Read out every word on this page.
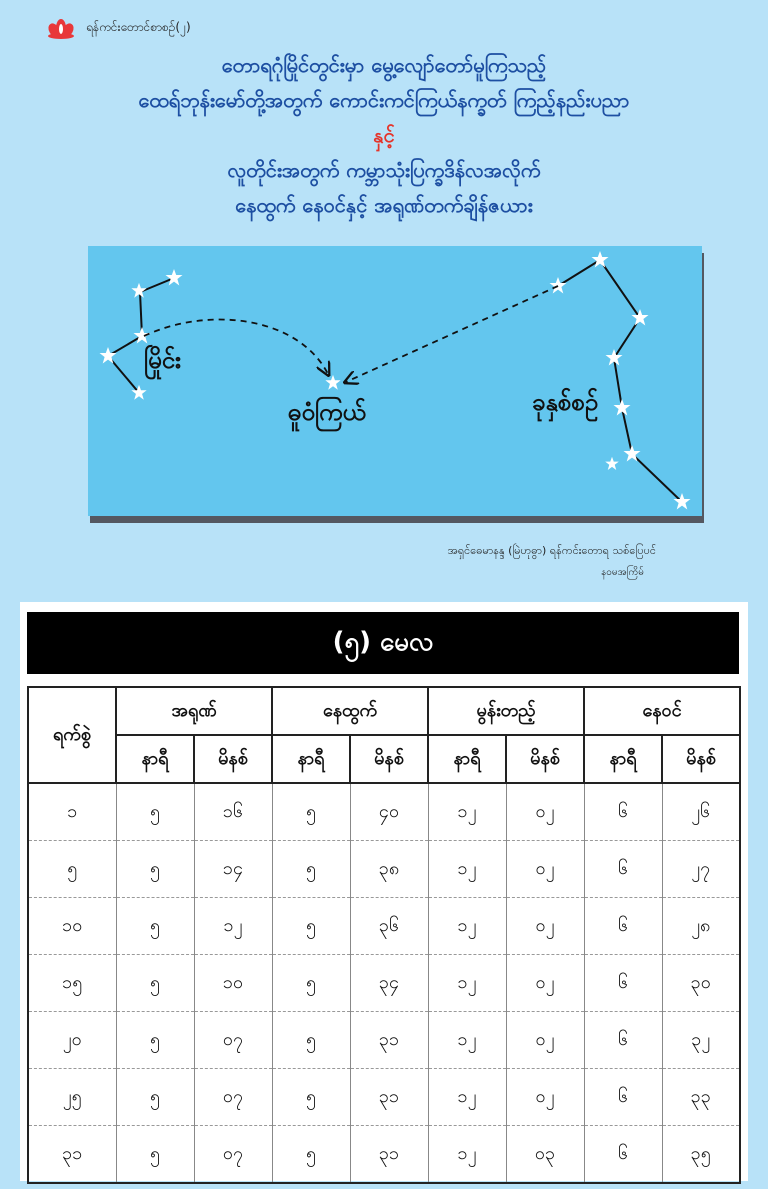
ရန်ကင်းတောင်စာစဉ်(၂)
တောရဂုံမြိုင်တွင်းမှာ မွေ့လျော်တော်မူကြသည့်
ထေရ်ဘုန်းမော်တို့အတွက် ကောင်းကင်ကြယ်နက္ခတ် ကြည့်နည်းပညာ
နှင့်
လူတိုင်းအတွက် ကမ္ဘာသုံးပြက္ခဒိန်လအလိုက်
နေထွက် နေဝင်နှင့် အရုဏ်တက်ချိန်ဇယား
မြိုင်း
ဓူဝံကြယ်	ခုနှစ်စဉ်
အရှင်ဓေမာနန္ဒ (မြဲဟုဓွာ) ရန်ကင်းတောရ သစ်ပြေပင်
နဝမအကြိမ်
(၅) မေလ
ရက်စွဲ	အရုဏ်		နေထွက်		မွန်းတည့်		နေဝင်	
	နာရီ	မိနစ်	နာရီ	မိနစ်	နာရီ	မိနစ်	နာရီ	မိနစ်
၁	၅	၁၆	၅	၄၀	၁၂	၀၂	၆	၂၆
၅	၅	၁၄	၅	၃၈	၁၂	၀၂	၆	၂၇
၁၀	၅	၁၂	၅	၃၆	၁၂	၀၂	၆	၂၈
၁၅	၅	၁၀	၅	၃၄	၁၂	၀၂	၆	၃၀
၂၀	၅	၀၇	၅	၃၁	၁၂	၀၂	၆	၃၂
၂၅	၅	၀၇	၅	၃၁	၁၂	၀၂	၆	၃၃
၃၁	၅	၀၇	၅	၃၁	၁၂	၀၃	၆	၃၅
